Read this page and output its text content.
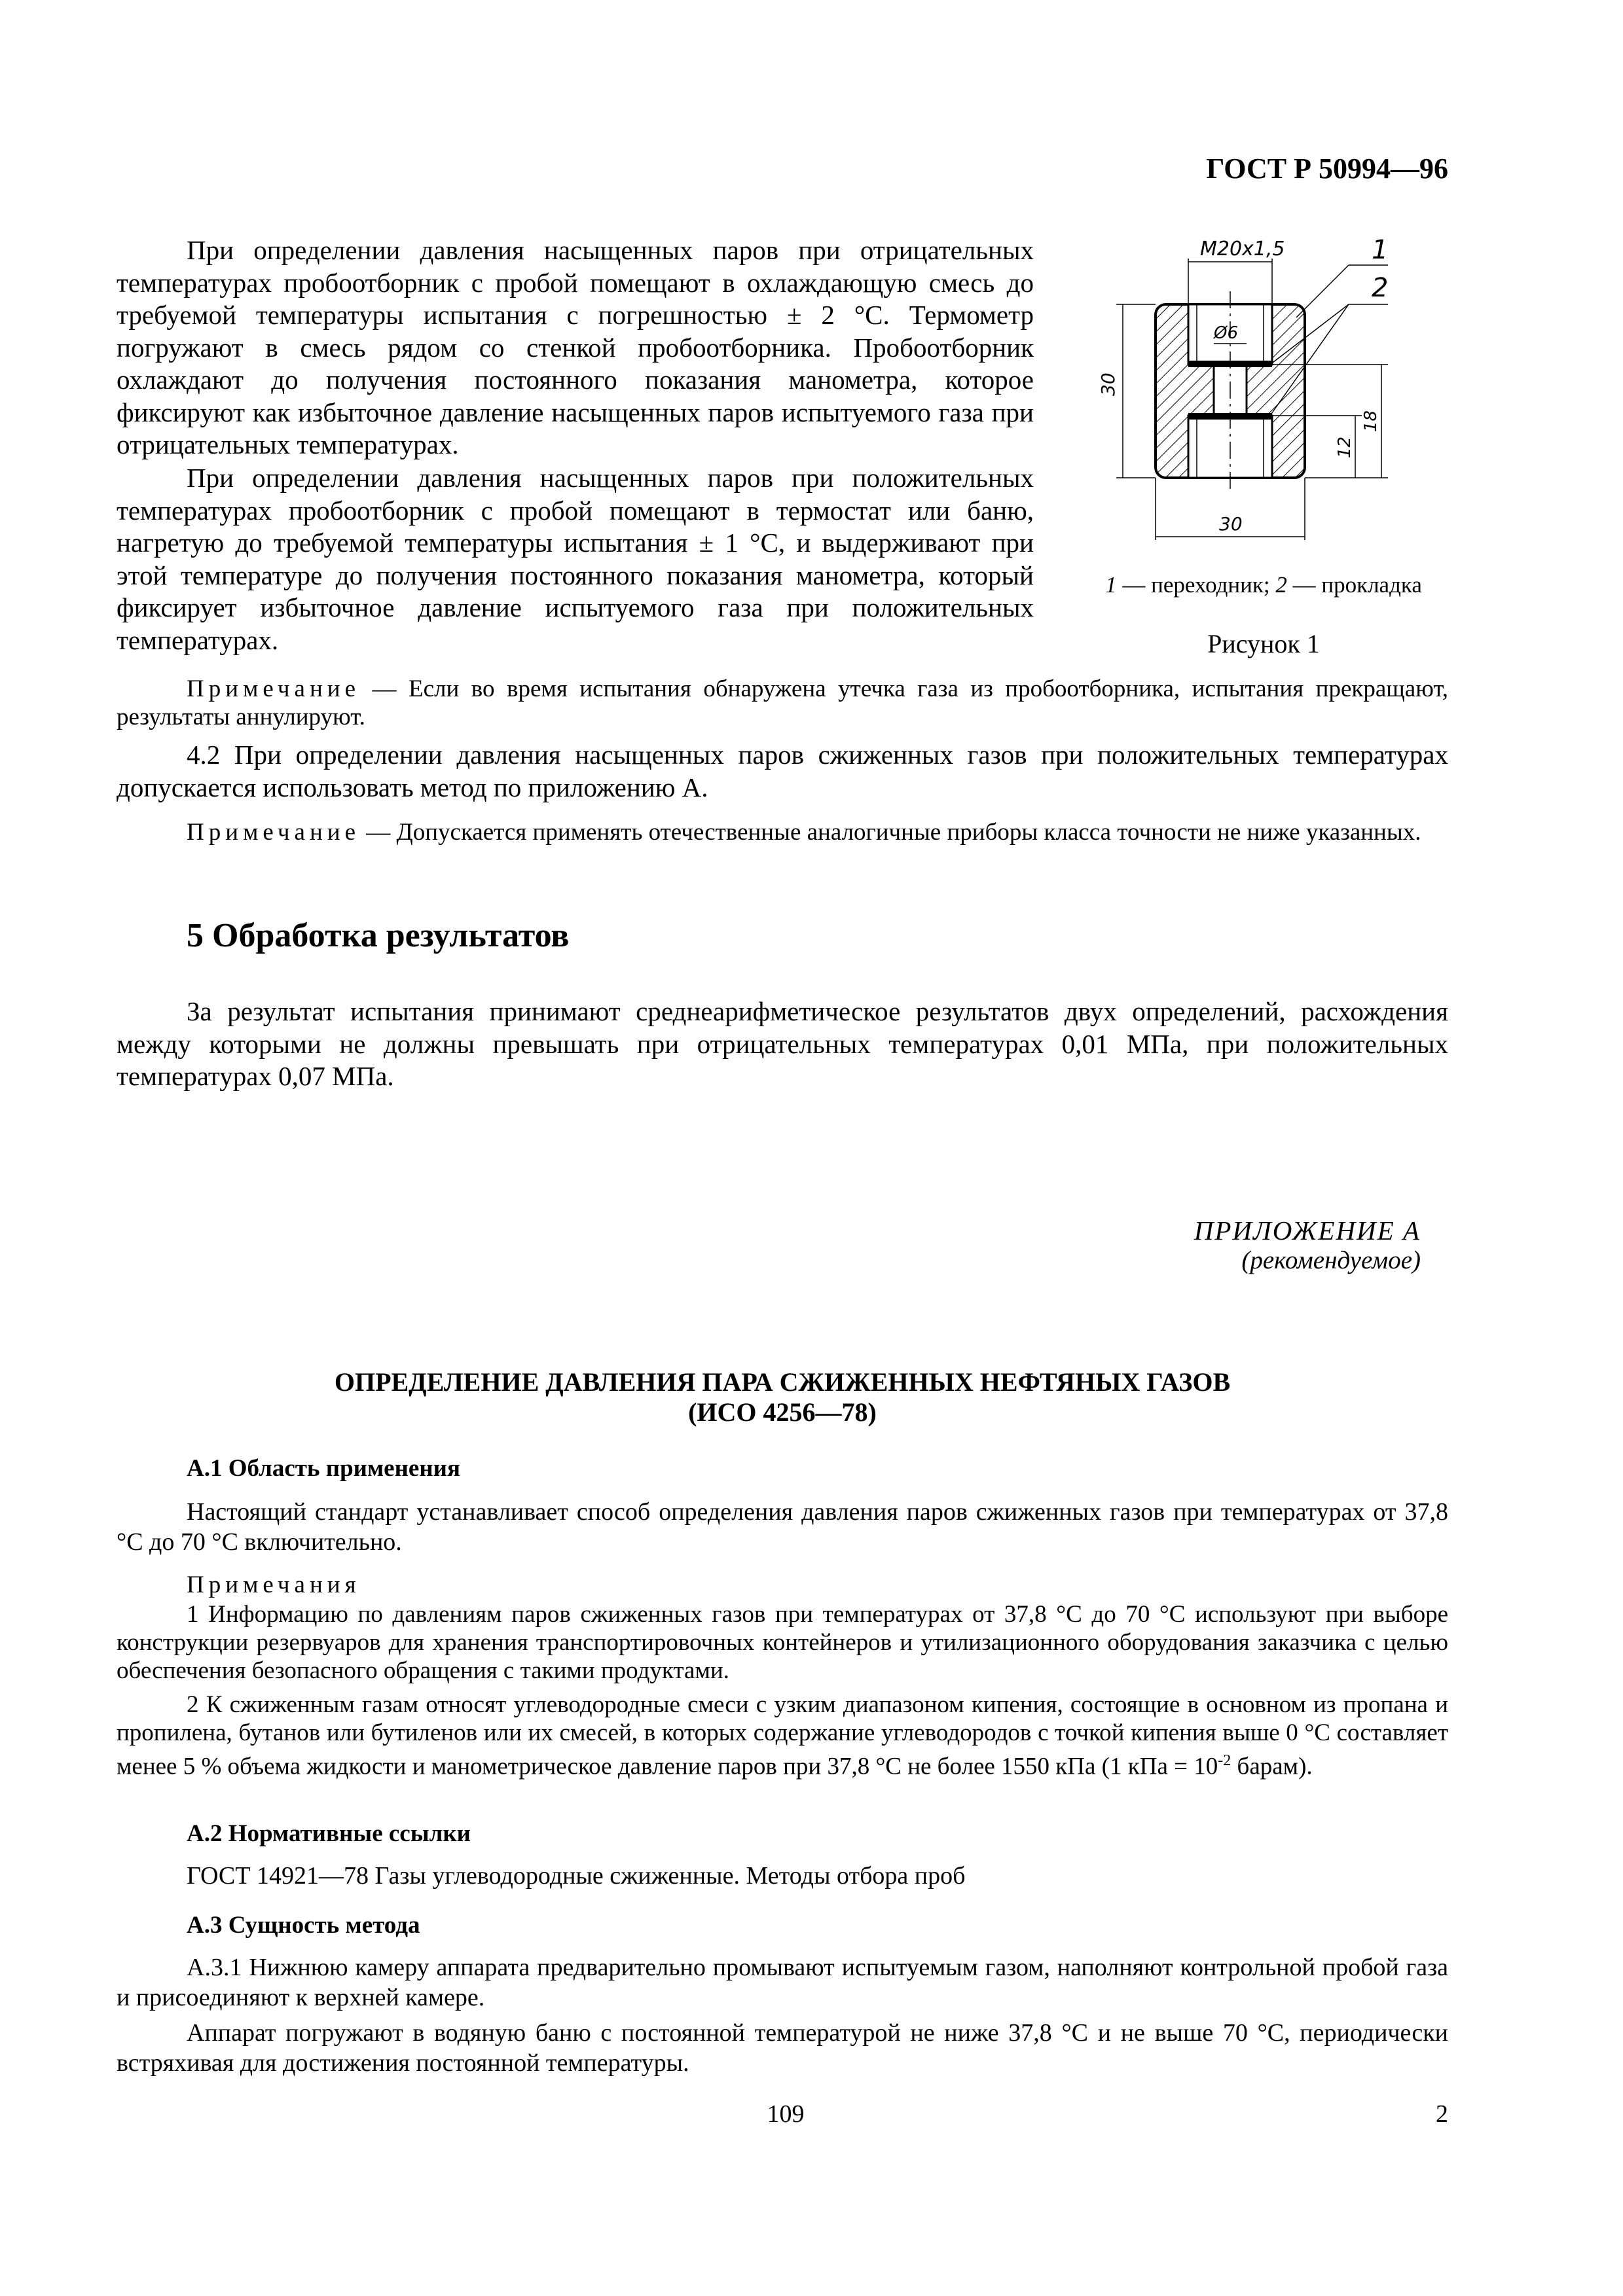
ГОСТ Р 50994—96

При определении давления насыщенных паров при отрицательных температурах пробоотборник с пробой помещают в охлаждающую смесь до требуемой температуры испытания с погрешностью ± 2 °С. Термометр погружают в смесь рядом со стенкой пробоотборника. Пробоотборник охлаждают до получения постоянного показания манометра, которое фиксируют как избыточное давление насыщенных паров испытуемого газа при отрицательных температурах.

При определении давления насыщенных паров при положительных температурах пробоотборник с пробой помещают в термостат или баню, нагретую до требуемой температуры испытания ± 1 °С, и выдерживают при этой температуре до получения постоянного показания манометра, который фиксирует избыточное давление испытуемого газа при положительных температурах.

M20x1,5
Ø6
30
30
12
18
1
2
1 — переходник; 2 — прокладка
Рисунок 1

Примечание — Если во время испытания обнаружена утечка газа из пробоотборника, испытания прекращают, результаты аннулируют.

4.2 При определении давления насыщенных паров сжиженных газов при положительных температурах допускается использовать метод по приложению А.

Примечание — Допускается применять отечественные аналогичные приборы класса точности не ниже указанных.

5 Обработка результатов

За результат испытания принимают среднеарифметическое результатов двух определений, расхождения между которыми не должны превышать при отрицательных температурах 0,01 МПа, при положительных температурах 0,07 МПа.

ПРИЛОЖЕНИЕ А
(рекомендуемое)
ОПРЕДЕЛЕНИЕ ДАВЛЕНИЯ ПАРА СЖИЖЕННЫХ НЕФТЯНЫХ ГАЗОВ
(ИСО 4256—78)
А.1 Область применения

Настоящий стандарт устанавливает способ определения давления паров сжиженных газов при температурах от 37,8 °С до 70 °С включительно.

Примечания

1 Информацию по давлениям паров сжиженных газов при температурах от 37,8 °С до 70 °С используют при выборе конструкции резервуаров для хранения транспортировочных контейнеров и утилизационного оборудования заказчика с целью обеспечения безопасного обращения с такими продуктами.

2 К сжиженным газам относят углеводородные смеси с узким диапазоном кипения, состоящие в основном из пропана и пропилена, бутанов или бутиленов или их смесей, в которых содержание углеводородов с точкой кипения выше 0 °С составляет менее 5 % объема жидкости и манометрическое давление паров при 37,8 °С не более 1550 кПа (1 кПа = $10^{-2}$ барам).

А.2 Нормативные ссылки

ГОСТ 14921—78 Газы углеводородные сжиженные. Методы отбора проб

А.3 Сущность метода

А.3.1 Нижнюю камеру аппарата предварительно промывают испытуемым газом, наполняют контрольной пробой газа и присоединяют к верхней камере.

Аппарат погружают в водяную баню с постоянной температурой не ниже 37,8 °С и не выше 70 °С, периодически встряхивая для достижения постоянной температуры.

109	2
